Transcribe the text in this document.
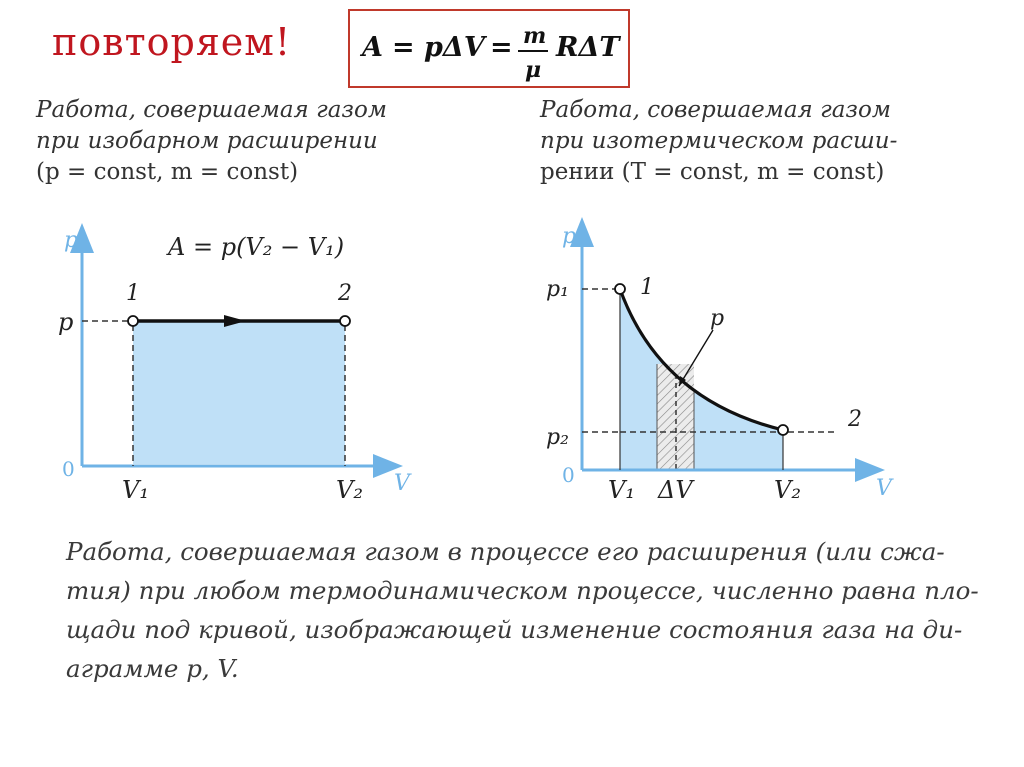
повторяем!	A = pΔV = m
μ
RΔT
Работа, совершаемая газом
при изобарном расширении
(p = const, m = const)
Работа, совершаемая газом
при изотермическом расши-
рении (T = const, m = const)
p
V
0
A = p(V₂ − V₁)
1	2
p
V₁	V₂
p
V
0
1
2
p
p₁
p₂
V₁ ΔV	V₂
Работа, совершаемая газом в процессе его расширения (или сжа-
тия) при любом термодинамическом процессе, численно равна пло-
щади под кривой, изображающей изменение состояния газа на ди-
аграмме p, V.
